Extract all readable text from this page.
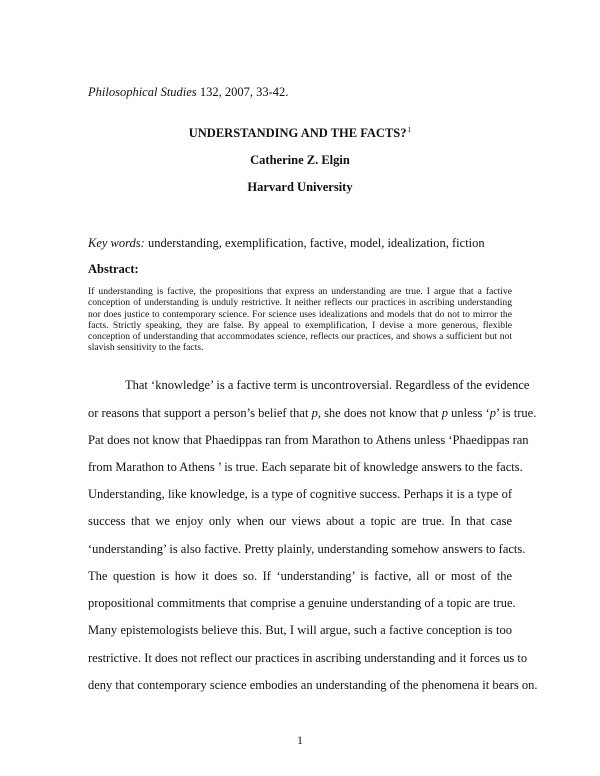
Philosophical Studies 132, 2007, 33-42.
UNDERSTANDING AND THE FACTS?$^1$
Catherine Z. Elgin
Harvard University
Key words: understanding, exemplification, factive, model, idealization, fiction
Abstract:

If understanding is factive, the propositions that express an understanding are true. I argue that a factive conception of understanding is unduly restrictive. It neither reflects our practices in ascribing understanding nor does justice to contemporary science. For science uses idealizations and models that do not to mirror the facts. Strictly speaking, they are false. By appeal to exemplification, I devise a more generous, flexible conception of understanding that accommodates science, reflects our practices, and shows a sufficient but not slavish sensitivity to the facts.

That ‘knowledge’ is a factive term is uncontroversial. Regardless of the evidence
or reasons that support a person’s belief that p, she does not know that p unless ‘p’ is true.
Pat does not know that Phaedippas ran from Marathon to Athens unless ‘Phaedippas ran
from Marathon to Athens ’ is true. Each separate bit of knowledge answers to the facts.
Understanding, like knowledge, is a type of cognitive success. Perhaps it is a type of
success that we enjoy only when our views about a topic are true. In that case
‘understanding’ is also factive. Pretty plainly, understanding somehow answers to facts.
The question is how it does so. If ‘understanding’ is factive, all or most of the
propositional commitments that comprise a genuine understanding of a topic are true.
Many epistemologists believe this. But, I will argue, such a factive conception is too
restrictive. It does not reflect our practices in ascribing understanding and it forces us to
deny that contemporary science embodies an understanding of the phenomena it bears on.
1
